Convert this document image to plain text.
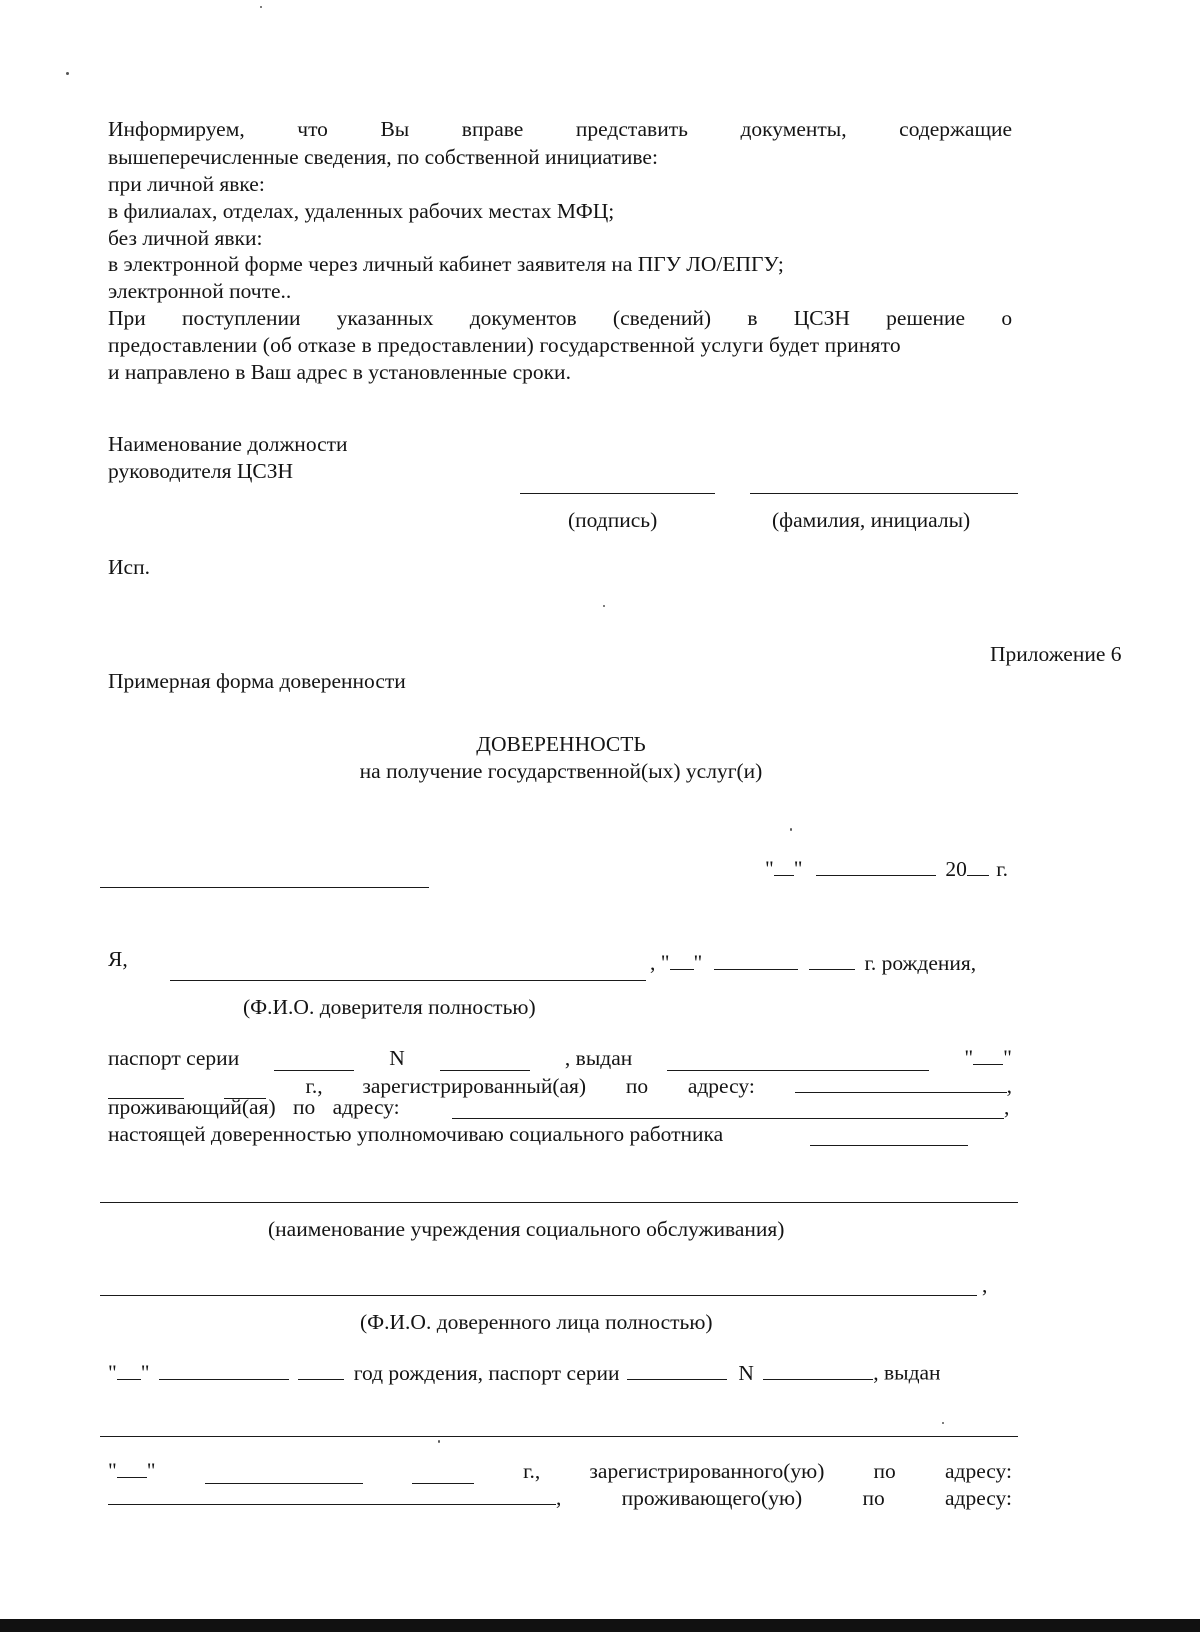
Информируем, что Вы вправе представить документы, содержащие
вышеперечисленные сведения, по собственной инициативе:
при личной явке:
в филиалах, отделах, удаленных рабочих местах МФЦ;
без личной явки:
в электронной форме через личный кабинет заявителя на ПГУ ЛО/ЕПГУ;
электронной почте..
При поступлении указанных документов (сведений) в ЦСЗН решение о
предоставлении (об отказе в предоставлении) государственной услуги будет принято
и направлено в Ваш адрес в установленные сроки.
Наименование должности
руководителя ЦСЗН
(подпись)	(фамилия, инициалы)
Исп.
Приложение 6
Примерная форма доверенности
ДОВЕРЕННОСТЬ
на получение государственной(ых) услуг(и)
" "	20 г.
Я,	, " "	г. рождения,
(Ф.И.О. доверителя полностью)
паспорт серии	N	, выдан	" "
г., зарегистрированный(ая) по адресу:	,
проживающий(ая) по адресу:	,
настоящей доверенностью уполномочиваю социального работника
(наименование учреждения социального обслуживания)
,
(Ф.И.О. доверенного лица полностью)
" "	год рождения, паспорт серии	N	, выдан
" "	г., зарегистрированного(ую) по адресу:
,	проживающего(ую)	по	адресу:
